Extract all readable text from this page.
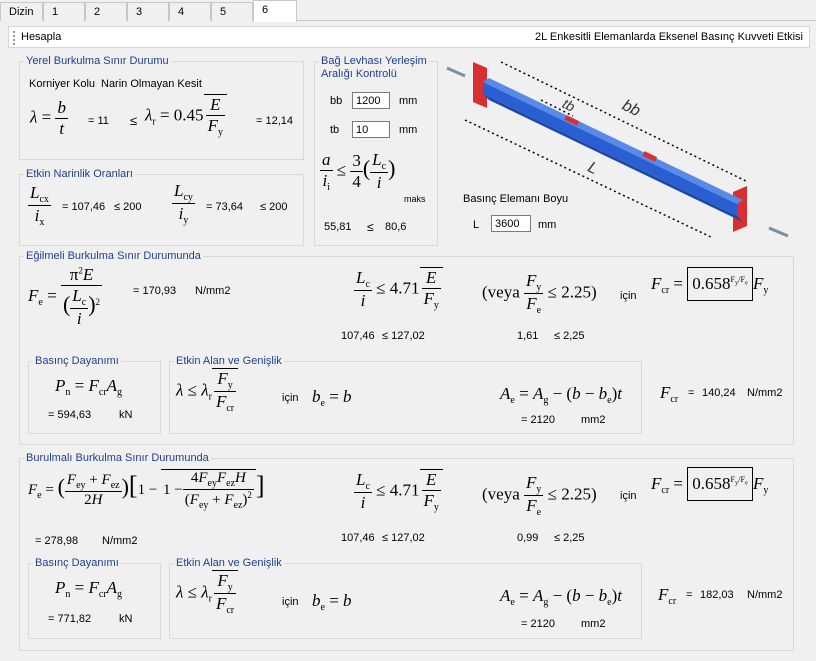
Dizin	1	2	3	4	5	6
Hesapla	2L Enkesitli Elemanlarda Eksenel Basınç Kuvveti Etkisi
Yerel Burkulma Sınır Durumu
Korniyer Kolu Narin Olmayan Kesit
$\lambda = \frac{b}{t} = 11 \le \lambda_r = 0.45 \frac{E}{F_y}$	= 12,14
Etkin Narinlik Oranları
$\frac{L_{cx}}{i_x} = 107,46 \le 200 \frac{L_{cy}}{i_y} = 73,64 \le 200$
Bağ Levhası Yerleşim
Aralığı Kontrolü
bb
1200	mm
tb
10	mm
$\frac{a}{i_i} \le \frac{3}{4}$ ( $\frac{L_c}{i}$ )
maks
55,81 ≤ 80,6
tb	bb
L
Basınç Elemanı Boyu
L
3600	mm
Eğilmeli Burkulma Sınır Durumunda
$F_e = \frac{\pi^2E}{( \frac{L_c}{i} )^2}$	= 170,93 N/mm2	$\frac{L_c}{i} \le 4.71 \frac{E}{F_y}$
107,46 ≤ 127,02
(veya $\frac{F_y}{F_e} \le 2.25$)
1,61 ≤ 2,25
için
$F_{cr} = 0.658^{F_y/F_e}$ $F_y$
Basınç Dayanımı
$P_n = F_{cr}A_g$
= 594,63	kN
Etkin Alan ve Genişlik
$\lambda \le \lambda_r \frac{F_y}{F_{cr}}$	için $b_e = b$	$A_e = A_g - (b - b_e)t$
= 2120 mm2
$F_{cr}$
= 140,24 N/mm2
Burulmalı Burkulma Sınır Durumunda
$F_e$ = ( $\frac{F_{ey} + F_{ez}}{2H} )[1 - 1 - \frac{4F_{ey}F_{ez}H}{(F_{ey} + F_{ez})^2}$ ]
= 278,98 N/mm2
$\frac{L_c}{i} \le 4.71 \frac{E}{F_y}$
107,46 ≤ 127,02
(veya $\frac{F_y}{F_e} \le 2.25$)
0,99 ≤ 2,25
için
$F_{cr} = 0.658^{F_y/F_e}$ $F_y$
Basınç Dayanımı
$P_n = F_{cr}A_g$
= 771,82	kN
Etkin Alan ve Genişlik
$\lambda \le \lambda_r \frac{F_y}{F_{cr}}$	için $b_e = b$	$A_e = A_g - (b - b_e)t$
= 2120 mm2
$F_{cr}$
= 182,03 N/mm2
